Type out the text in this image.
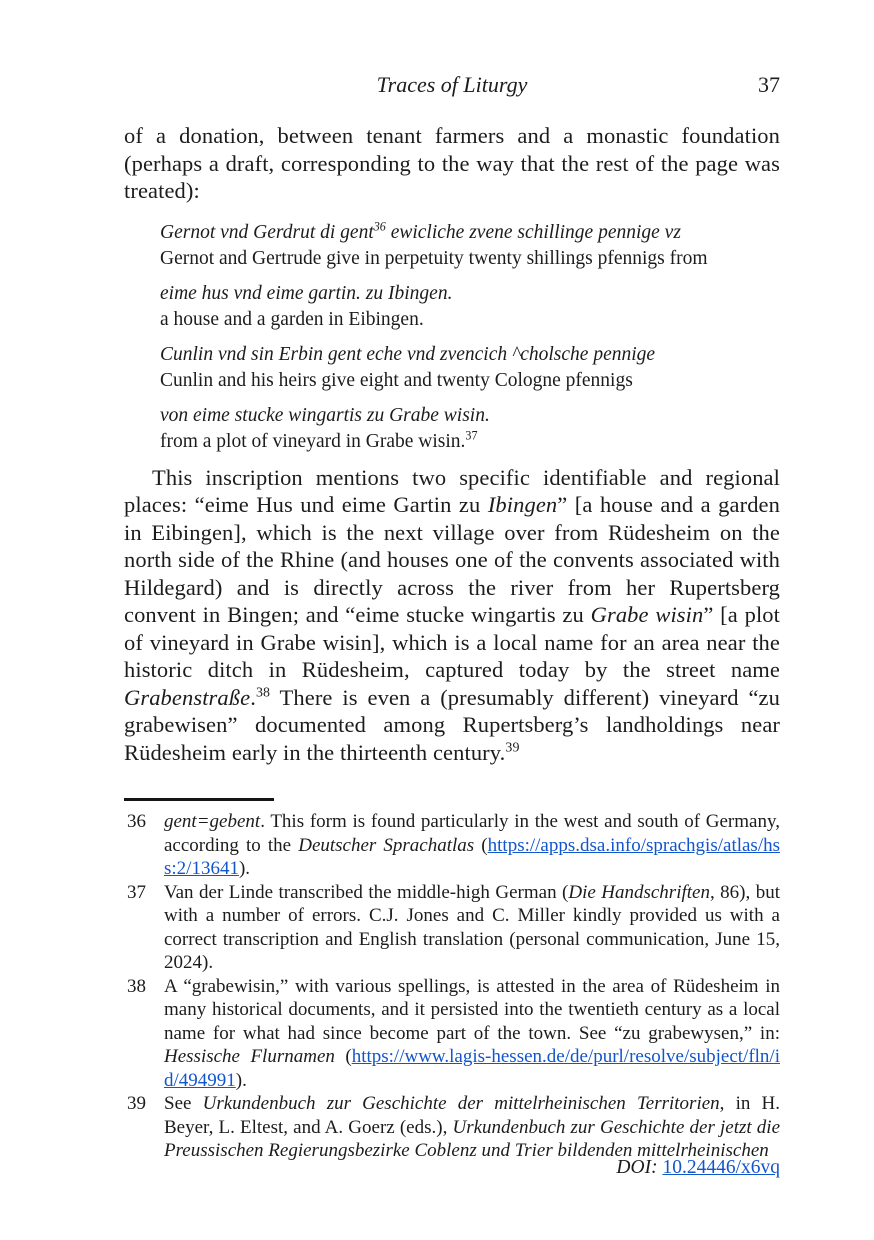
Traces of Liturgy	37

of a donation, between tenant farmers and a monastic foundation (perhaps a draft, corresponding to the way that the rest of the page was treated):

Gernot vnd Gerdrut di gent$^{36}$ ewicliche zvene schillinge pennige vz
Gernot and Gertrude give in perpetuity twenty shillings pfennigs from
eime hus vnd eime gartin. zu Ibingen.
a house and a garden in Eibingen.
Cunlin vnd sin Erbin gent eche vnd zvencich ^cholsche pennige
Cunlin and his heirs give eight and twenty Cologne pfennigs
von eime stucke wingartis zu Grabe wisin.
from a plot of vineyard in Grabe wisin.$^{37}$

This inscription mentions two specific identifiable and regional places: “eime Hus und eime Gartin zu Ibingen” [a house and a garden in Eibingen], which is the next village over from Rüdesheim on the north side of the Rhine (and houses one of the convents associated with Hildegard) and is directly across the river from her Rupertsberg convent in Bingen; and “eime stucke wingartis zu Grabe wisin” [a plot of vineyard in Grabe wisin], which is a local name for an area near the historic ditch in Rüdesheim, captured today by the street name Grabenstraße.$^{38}$ There is even a (presumably different) vineyard “zu grabewisen” documented among Rupertsberg’s landholdings near Rüdesheim early in the thirteenth century.$^{39}$

36 gent=gebent. This form is found particularly in the west and south of Germany, according to the Deutscher Sprachatlas (https://apps.dsa.info/sprachgis/atlas/hss:2/13641).
37 Van der Linde transcribed the middle-high German (Die Handschriften, 86), but with a number of errors. C.J. Jones and C. Miller kindly provided us with a correct transcription and English translation (personal communication, June 15, 2024).
38 A “grabewisin,” with various spellings, is attested in the area of Rüdesheim in many historical documents, and it persisted into the twentieth century as a local name for what had since become part of the town. See “zu grabewysen,” in: Hessische Flurnamen (https://www.lagis-hessen.de/de/purl/resolve/subject/fln/id/494991).
39 See Urkundenbuch zur Geschichte der mittelrheinischen Territorien, in H. Beyer, L. Eltest, and A. Goerz (eds.), Urkundenbuch zur Geschichte der jetzt die Preussischen Regierungsbezirke Coblenz und Trier bildenden mittelrheinischen
DOI: 10.24446/x6vq
